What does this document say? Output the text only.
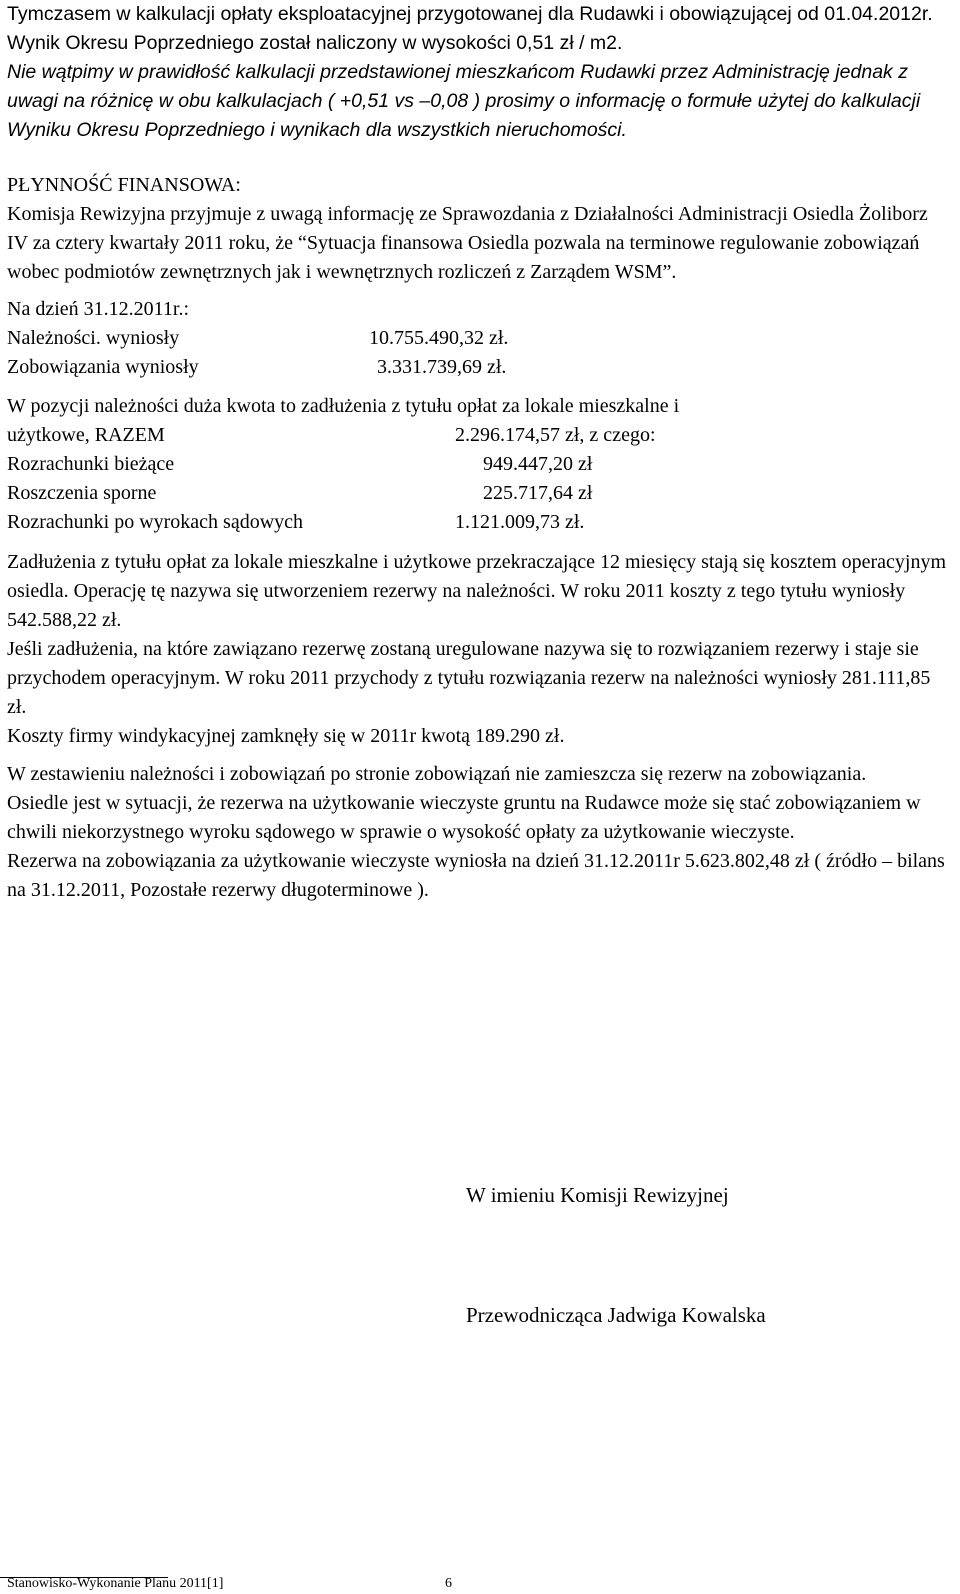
Tymczasem w kalkulacji opłaty eksploatacyjnej przygotowanej dla Rudawki i obowiązującej od 01.04.2012r. Wynik Okresu Poprzedniego został naliczony w wysokości 0,51 zł / m2.

Nie wątpimy w prawidłość kalkulacji przedstawionej mieszkańcom Rudawki przez Administrację jednak z uwagi na różnicę w obu kalkulacjach ( +0,51 vs –0,08 ) prosimy o informację o formułe użytej do kalkulacji Wyniku Okresu Poprzedniego i wynikach dla wszystkich nieruchomości.

PŁYNNOŚĆ FINANSOWA:

Komisja Rewizyjna przyjmuje z uwagą informację ze Sprawozdania z Działalności Administracji Osiedla Żoliborz IV za cztery kwartały 2011 roku, że “Sytuacja finansowa Osiedla pozwala na terminowe regulowanie zobowiązań wobec podmiotów zewnętrznych jak i wewnętrznych rozliczeń z Zarządem WSM”.

Na dzień 31.12.2011r.:

Należności. wyniosły	10.755.490,32 zł.
Zobowiązania wyniosły	3.331.739,69 zł.

W pozycji należności duża kwota to zadłużenia z tytułu opłat za lokale mieszkalne i

użytkowe, RAZEM	2.296.174,57 zł, z czego:
Rozrachunki bieżące	949.447,20 zł
Roszczenia sporne	225.717,64 zł
Rozrachunki po wyrokach sądowych	1.121.009,73 zł.

Zadłużenia z tytułu opłat za lokale mieszkalne i użytkowe przekraczające 12 miesięcy stają się kosztem operacyjnym osiedla. Operację tę nazywa się utworzeniem rezerwy na należności. W roku 2011 koszty z tego tytułu wyniosły 542.588,22 zł.

Jeśli zadłużenia, na które zawiązano rezerwę zostaną uregulowane nazywa się to rozwiązaniem rezerwy i staje sie przychodem operacyjnym. W roku 2011 przychody z tytułu rozwiązania rezerw na należności wyniosły 281.111,85 zł.

Koszty firmy windykacyjnej zamknęły się w 2011r kwotą 189.290 zł.

W zestawieniu należności i zobowiązań po stronie zobowiązań nie zamieszcza się rezerw na zobowiązania.

Osiedle jest w sytuacji, że rezerwa na użytkowanie wieczyste gruntu na Rudawce może się stać zobowiązaniem w chwili niekorzystnego wyroku sądowego w sprawie o wysokość opłaty za użytkowanie wieczyste.

Rezerwa na zobowiązania za użytkowanie wieczyste wyniosła na dzień 31.12.2011r 5.623.802,48 zł ( źródło – bilans na 31.12.2011, Pozostałe rezerwy długoterminowe ).

W imieniu Komisji Rewizyjnej
Przewodnicząca Jadwiga Kowalska
Stanowisko-Wykonanie Planu 2011[1]	6
